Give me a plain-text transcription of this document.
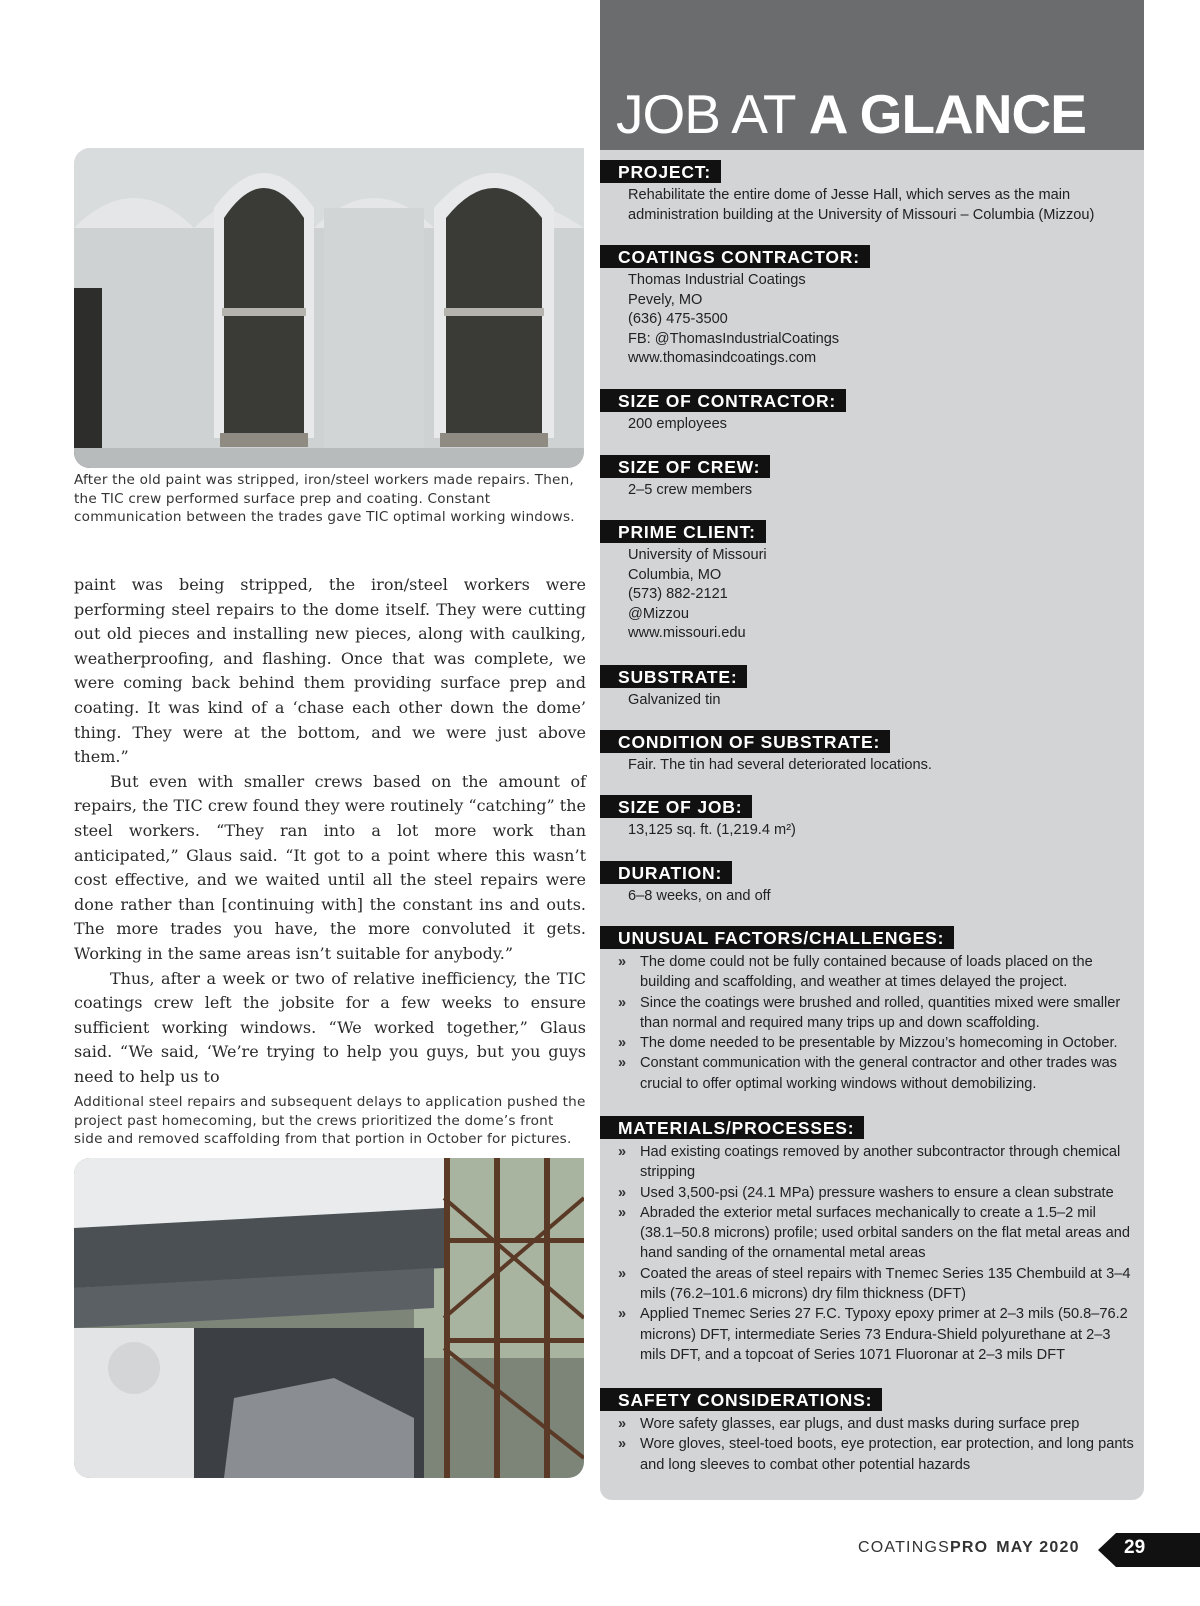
After the old paint was stripped, iron/steel workers made repairs. Then, the TIC crew performed surface prep and coating. Constant communication between the trades gave TIC optimal working windows.

paint was being stripped, the iron/steel workers were performing steel repairs to the dome itself. They were cutting out old pieces and installing new pieces, along with caulking, weatherproofing, and flashing. Once that was complete, we were coming back behind them providing surface prep and coating. It was kind of a ‘chase each other down the dome’ thing. They were at the bottom, and we were just above them.”

But even with smaller crews based on the amount of repairs, the TIC crew found they were routinely “catching” the steel workers. “They ran into a lot more work than anticipated,” Glaus said. “It got to a point where this wasn’t cost effective, and we waited until all the steel repairs were done rather than [continuing with] the constant ins and outs. The more trades you have, the more convoluted it gets. Working in the same areas isn’t suitable for anybody.”

Thus, after a week or two of relative inefficiency, the TIC coatings crew left the jobsite for a few weeks to ensure sufficient working windows. “We worked together,” Glaus said. “We said, ‘We’re trying to help you guys, but you guys need to help us to

Additional steel repairs and subsequent delays to application pushed the project past homecoming, but the crews prioritized the dome’s front side and removed scaffolding from that portion in October for pictures.
JOB AT A GLANCE
PROJECT:
Rehabilitate the entire dome of Jesse Hall, which serves as the main
administration building at the University of Missouri – Columbia (Mizzou)
COATINGS CONTRACTOR:
Thomas Industrial Coatings
Pevely, MO
(636) 475-3500
FB: @ThomasIndustrialCoatings
www.thomasindcoatings.com
SIZE OF CONTRACTOR:
200 employees
SIZE OF CREW:
2–5 crew members
PRIME CLIENT:
University of Missouri
Columbia, MO
(573) 882-2121
@Mizzou
www.missouri.edu
SUBSTRATE:
Galvanized tin
CONDITION OF SUBSTRATE:
Fair. The tin had several deteriorated locations.
SIZE OF JOB:
13,125 sq. ft. (1,219.4 m²)
DURATION:
6–8 weeks, on and off
UNUSUAL FACTORS/CHALLENGES:
» The dome could not be fully contained because of loads placed on the building and scaffolding, and weather at times delayed the project.
» Since the coatings were brushed and rolled, quantities mixed were smaller than normal and required many trips up and down scaffolding.
» The dome needed to be presentable by Mizzou’s homecoming in October.
» Constant communication with the general contractor and other trades was crucial to offer optimal working windows without demobilizing.
MATERIALS/PROCESSES:
» Had existing coatings removed by another subcontractor through chemical stripping
» Used 3,500-psi (24.1 MPa) pressure washers to ensure a clean substrate
» Abraded the exterior metal surfaces mechanically to create a 1.5–2 mil (38.1–50.8 microns) profile; used orbital sanders on the flat metal areas and hand sanding of the ornamental metal areas
» Coated the areas of steel repairs with Tnemec Series 135 Chembuild at 3–4 mils (76.2–101.6 microns) dry film thickness (DFT)
» Applied Tnemec Series 27 F.C. Typoxy epoxy primer at 2–3 mils (50.8–76.2 microns) DFT, intermediate Series 73 Endura-Shield polyurethane at 2–3 mils DFT, and a topcoat of Series 1071 Fluoronar at 2–3 mils DFT
SAFETY CONSIDERATIONS:
» Wore safety glasses, ear plugs, and dust masks during surface prep
» Wore gloves, steel-toed boots, eye protection, ear protection, and long pants and long sleeves to combat other potential hazards
COATINGSPRO MAY 2020 29
